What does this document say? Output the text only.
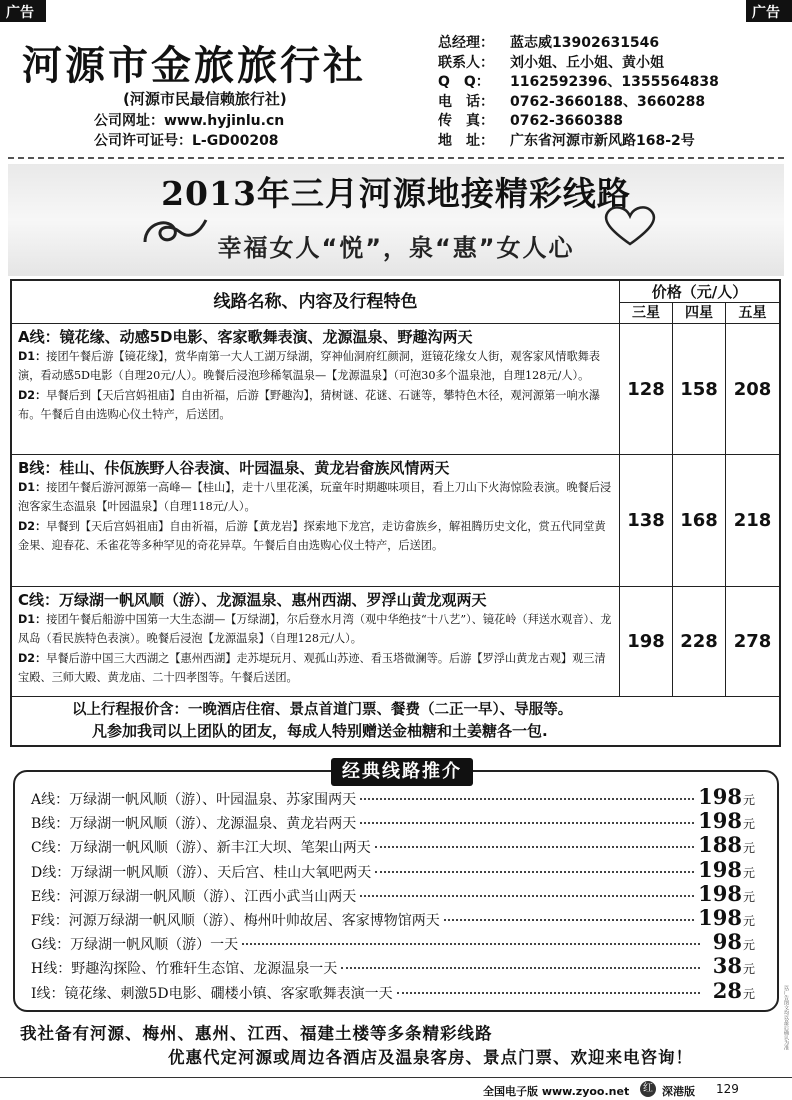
广告	广告
河源市金旅旅行社
(河源市民最信赖旅行社)
公司网址：www.hyjinlu.cn
公司许可证号：L-GD00208
总经理：	蓝志威13902631546
联系人：	刘小姐、丘小姐、黄小姐
Q　Q：	1162592396、1355564838
电　话：	0762-3660188、3660288
传　真：	0762-3660388
地　址：	广东省河源市新风路168-2号
2013年三月河源地接精彩线路
幸福女人“悦”，泉“惠”女人心
线路名称、内容及行程特色	价格（元/人）
三星	四星	五星
A线：镜花缘、动感5D电影、客家歌舞表演、龙源温泉、野趣沟两天
D1：接团午餐后游【镜花缘】，赏华南第一大人工湖万绿湖，穿神仙洞府红颜洞，逛镜花缘女人街，观客家风情歌舞表演，看动感5D电影（自理20元/人）。晚餐后浸泡珍稀氡温泉—【龙源温泉】（可泡30多个温泉池，自理128元/人）。
D2：早餐后到【天后宫妈祖庙】自由祈福，后游【野趣沟】，猜树谜、花谜、石谜等，攀特色木径，观河源第一响水瀑布。午餐后自由选购心仪土特产，后送团。
128 158 208
B线：桂山、佧佤族野人谷表演、叶园温泉、黄龙岩畲族风情两天
D1：接团午餐后游河源第一高峰—【桂山】，走十八里花溪，玩童年时期趣味项目，看上刀山下火海惊险表演。晚餐后浸泡客家生态温泉【叶园温泉】（自理118元/人）。
D2：早餐到【天后宫妈祖庙】自由祈福，后游【黄龙岩】探索地下龙宫，走访畲族乡，解祖腾历史文化，赏五代同堂黄金果、迎春花、禾雀花等多种罕见的奇花异草。午餐后自由选购心仪土特产，后送团。
138 168 218
C线：万绿湖一帆风顺（游）、龙源温泉、惠州西湖、罗浮山黄龙观两天
D1：接团午餐后船游中国第一大生态湖—【万绿湖】，尔后登水月湾（观中华绝技“十八艺”）、镜花岭（拜送水观音）、龙凤岛（看民族特色表演）。晚餐后浸泡【龙源温泉】（自理128元/人）。
D2：早餐后游中国三大西湖之【惠州西湖】走苏堤玩月、观孤山苏迹、看玉塔微澜等。后游【罗浮山黄龙古观】观三清宝殿、三师大殿、黄龙庙、二十四孝图等。午餐后送团。
198 228 278
以上行程报价含：一晚酒店住宿、景点首道门票、餐费（二正一早）、导服等。
凡参加我司以上团队的团友，每成人特别赠送金柚糖和土姜糖各一包.
经典线路推介
A线：万绿湖一帆风顺（游）、叶园温泉、苏家围两天	198 元
B线：万绿湖一帆风顺（游）、龙源温泉、黄龙岩两天	198 元
C线：万绿湖一帆风顺（游）、新丰江大坝、笔架山两天	188 元
D线：万绿湖一帆风顺（游）、天后宫、桂山大氧吧两天	198 元
E线：河源万绿湖一帆风顺（游）、江西小武当山两天	198 元
F线：河源万绿湖一帆风顺（游）、梅州叶帅故居、客家博物馆两天	198 元
G线：万绿湖一帆风顺（游）一天	98 元
H线：野趣沟探险、竹雅轩生态馆、龙源温泉一天	38 元
I线：镜花缘、刺激5D电影、礀楼小镇、客家歌舞表演一天	28 元
我社备有河源、梅州、惠州、江西、福建土楼等多条精彩线路
优惠代定河源或周边各酒店及温泉客房、景点门票、欢迎来电咨询！
以广告图文均以最后确认为准
全国电子版 www.zyoo.net	红 深港版 129
